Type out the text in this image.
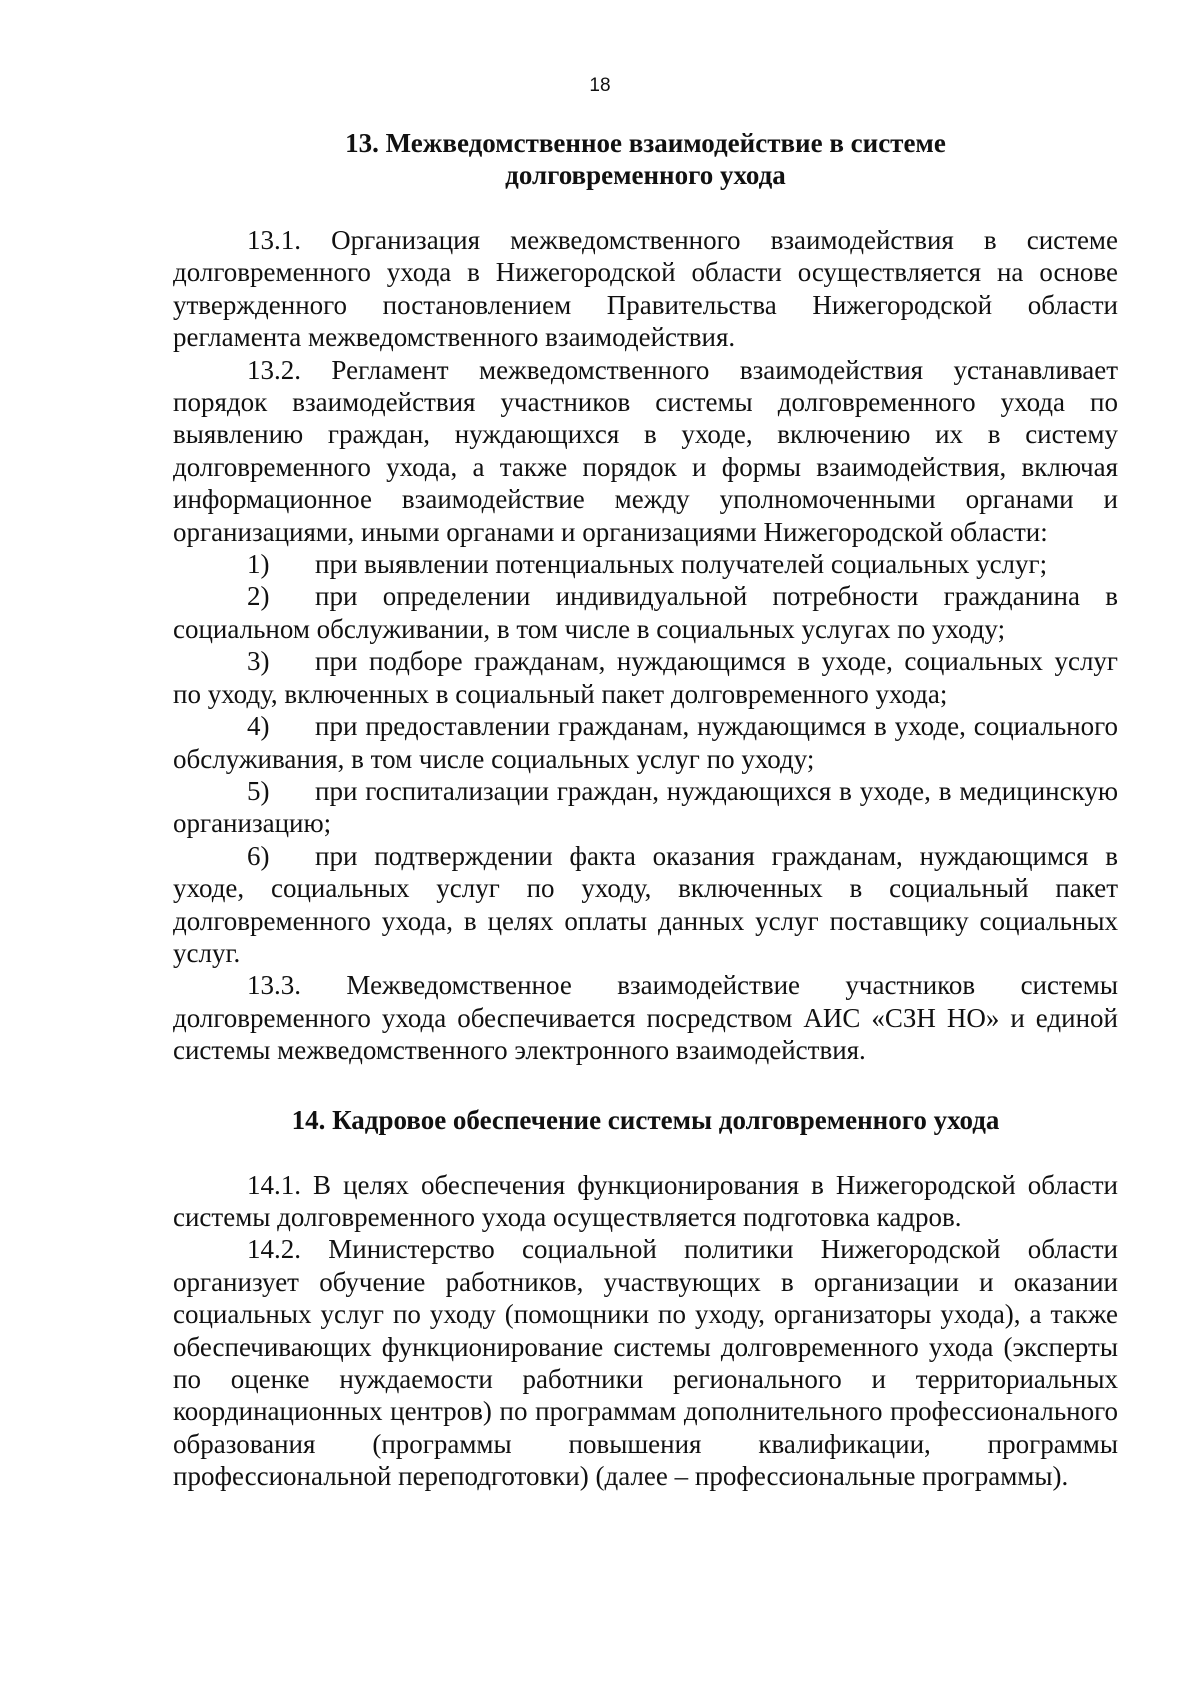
18

13. Межведомственное взаимодействие в системе
долговременного ухода

13.1. Организация межведомственного взаимодействия в системе долговременного ухода в Нижегородской области осуществляется на основе утвержденного постановлением Правительства Нижегородской области регламента межведомственного взаимодействия.

13.2. Регламент межведомственного взаимодействия устанавливает порядок взаимодействия участников системы долговременного ухода по выявлению граждан, нуждающихся в уходе, включению их в систему долговременного ухода, а также порядок и формы взаимодействия, включая информационное взаимодействие между уполномоченными органами и организациями, иными органами и организациями Нижегородской области:

1) при выявлении потенциальных получателей социальных услуг;

2) при определении индивидуальной потребности гражданина в социальном обслуживании, в том числе в социальных услугах по уходу;

3) при подборе гражданам, нуждающимся в уходе, социальных услуг по уходу, включенных в социальный пакет долговременного ухода;

4) при предоставлении гражданам, нуждающимся в уходе, социального обслуживания, в том числе социальных услуг по уходу;

5) при госпитализации граждан, нуждающихся в уходе, в медицинскую организацию;

6) при подтверждении факта оказания гражданам, нуждающимся в уходе, социальных услуг по уходу, включенных в социальный пакет долговременного ухода, в целях оплаты данных услуг поставщику социальных услуг.

13.3. Межведомственное взаимодействие участников системы долговременного ухода обеспечивается посредством АИС «СЗН НО» и единой системы межведомственного электронного взаимодействия.

14. Кадровое обеспечение системы долговременного ухода

14.1. В целях обеспечения функционирования в Нижегородской области системы долговременного ухода осуществляется подготовка кадров.

14.2. Министерство социальной политики Нижегородской области организует обучение работников, участвующих в организации и оказании социальных услуг по уходу (помощники по уходу, организаторы ухода), а также обеспечивающих функционирование системы долговременного ухода (эксперты по оценке нуждаемости работники регионального и территориальных координационных центров) по программам дополнительного профессионального образования (программы повышения квалификации, программы профессиональной переподготовки) (далее – профессиональные программы).
